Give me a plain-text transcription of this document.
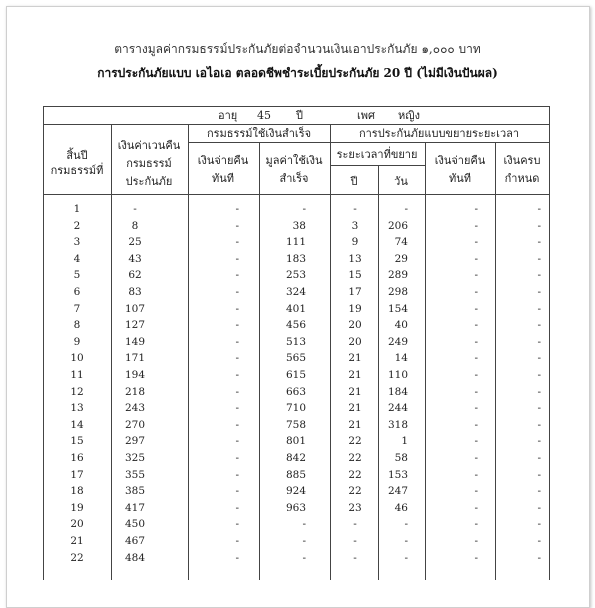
ตารางมูลค่ากรมธรรม์ประกันภัยต่อจำนวนเงินเอาประกันภัย ๑,๐๐๐ บาท
การประกันภัยแบบ เอไอเอ ตลอดชีพชำระเบี้ยประกันภัย 20 ปี (ไม่มีเงินปันผล)
อายุ 45 ปี	เพศ หญิง
สิ้นปี
กรมธรรม์ที่
เงินค่าเวนคืน
กรมธรรม์
ประกันภัย
กรมธรรม์ใช้เงินสำเร็จ
เงินจ่ายคืน
ทันที
มูลค่าใช้เงิน
สำเร็จ
การประกันภัยแบบขยายระยะเวลา
ระยะเวลาที่ขยาย
ปี	วัน
เงินจ่ายคืน
ทันที
เงินครบ
กำหนด
1	-	-	-	-	-	-	-
2	8	-	38	3	206	-	-
3	25	-	111	9	74	-	-
4	43	-	183	13	29	-	-
5	62	-	253	15	289	-	-
6	83	-	324	17	298	-	-
7	107	-	401	19	154	-	-
8	127	-	456	20	40	-	-
9	149	-	513	20	249	-	-
10	171	-	565	21	14	-	-
11	194	-	615	21	110	-	-
12	218	-	663	21	184	-	-
13	243	-	710	21	244	-	-
14	270	-	758	21	318	-	-
15	297	-	801	22	1	-	-
16	325	-	842	22	58	-	-
17	355	-	885	22	153	-	-
18	385	-	924	22	247	-	-
19	417	-	963	23	46	-	-
20	450	-	-	-	-	-	-
21	467	-	-	-	-	-	-
22	484	-	-	-	-	-	-
